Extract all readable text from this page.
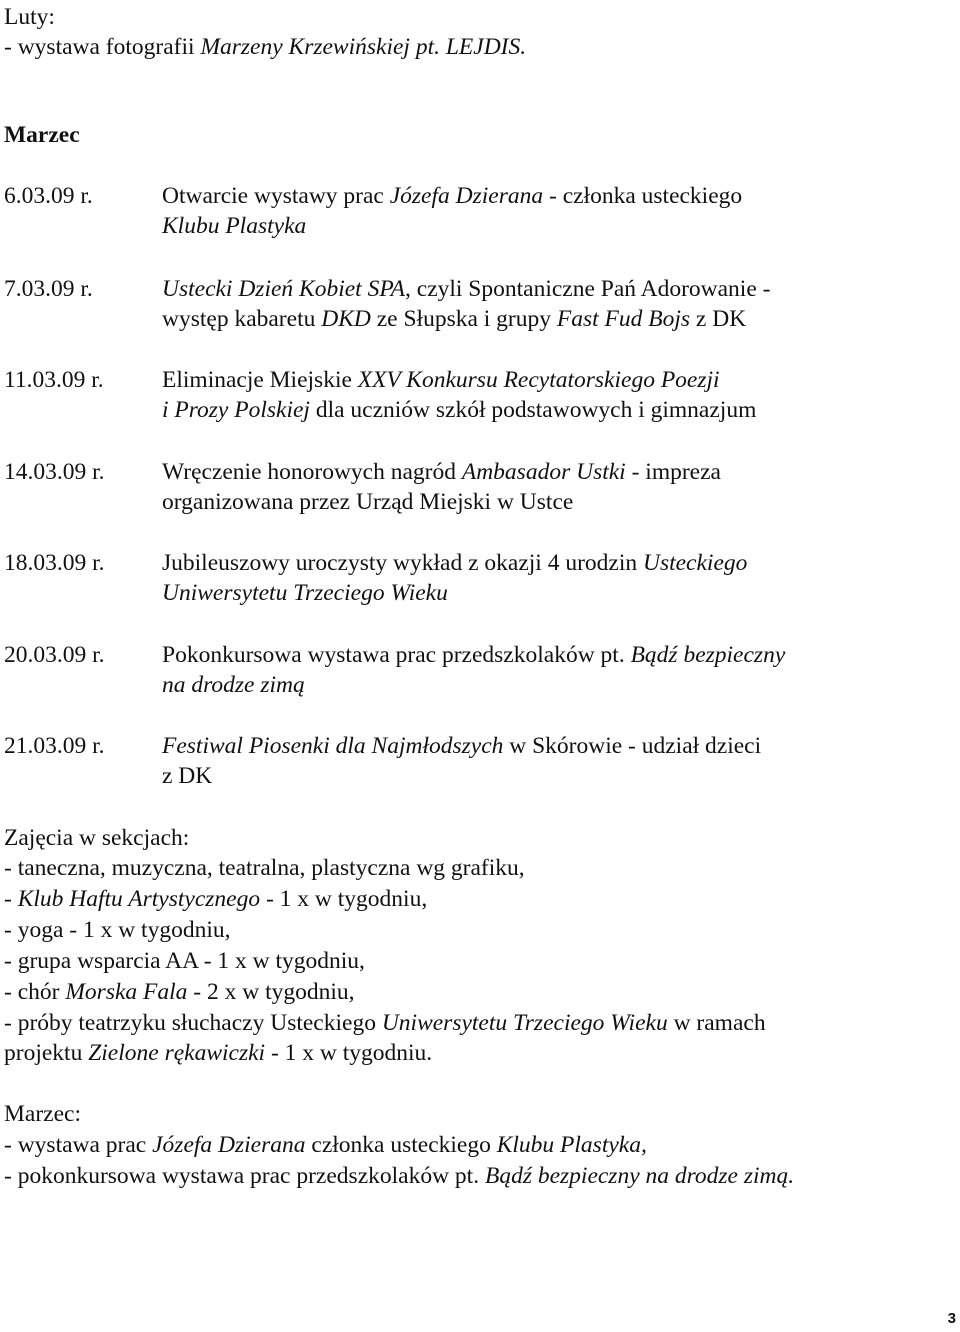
Luty:
- wystawa fotografii Marzeny Krzewińskiej pt. LEJDIS.
Marzec
6.03.09 r.	Otwarcie wystawy prac Józefa Dzierana - członka usteckiego
Klubu Plastyka
7.03.09 r.	Ustecki Dzień Kobiet SPA, czyli Spontaniczne Pań Adorowanie -
występ kabaretu DKD ze Słupska i grupy Fast Fud Bojs z DK
11.03.09 r. Eliminacje Miejskie XXV Konkursu Recytatorskiego Poezji
i Prozy Polskiej dla uczniów szkół podstawowych i gimnazjum
14.03.09 r. Wręczenie honorowych nagród Ambasador Ustki - impreza
organizowana przez Urząd Miejski w Ustce
18.03.09 r. Jubileuszowy uroczysty wykład z okazji 4 urodzin Usteckiego
Uniwersytetu Trzeciego Wieku
20.03.09 r. Pokonkursowa wystawa prac przedszkolaków pt. Bądź bezpieczny
na drodze zimą
21.03.09 r. Festiwal Piosenki dla Najmłodszych w Skórowie - udział dzieci
z DK
Zajęcia w sekcjach:
- taneczna, muzyczna, teatralna, plastyczna wg grafiku,
- Klub Haftu Artystycznego - 1 x w tygodniu,
- yoga - 1 x w tygodniu,
- grupa wsparcia AA - 1 x w tygodniu,
- chór Morska Fala - 2 x w tygodniu,
- próby teatrzyku słuchaczy Usteckiego Uniwersytetu Trzeciego Wieku w ramach
projektu Zielone rękawiczki - 1 x w tygodniu.
Marzec:
- wystawa prac Józefa Dzierana członka usteckiego Klubu Plastyka,
- pokonkursowa wystawa prac przedszkolaków pt. Bądź bezpieczny na drodze zimą.
3
